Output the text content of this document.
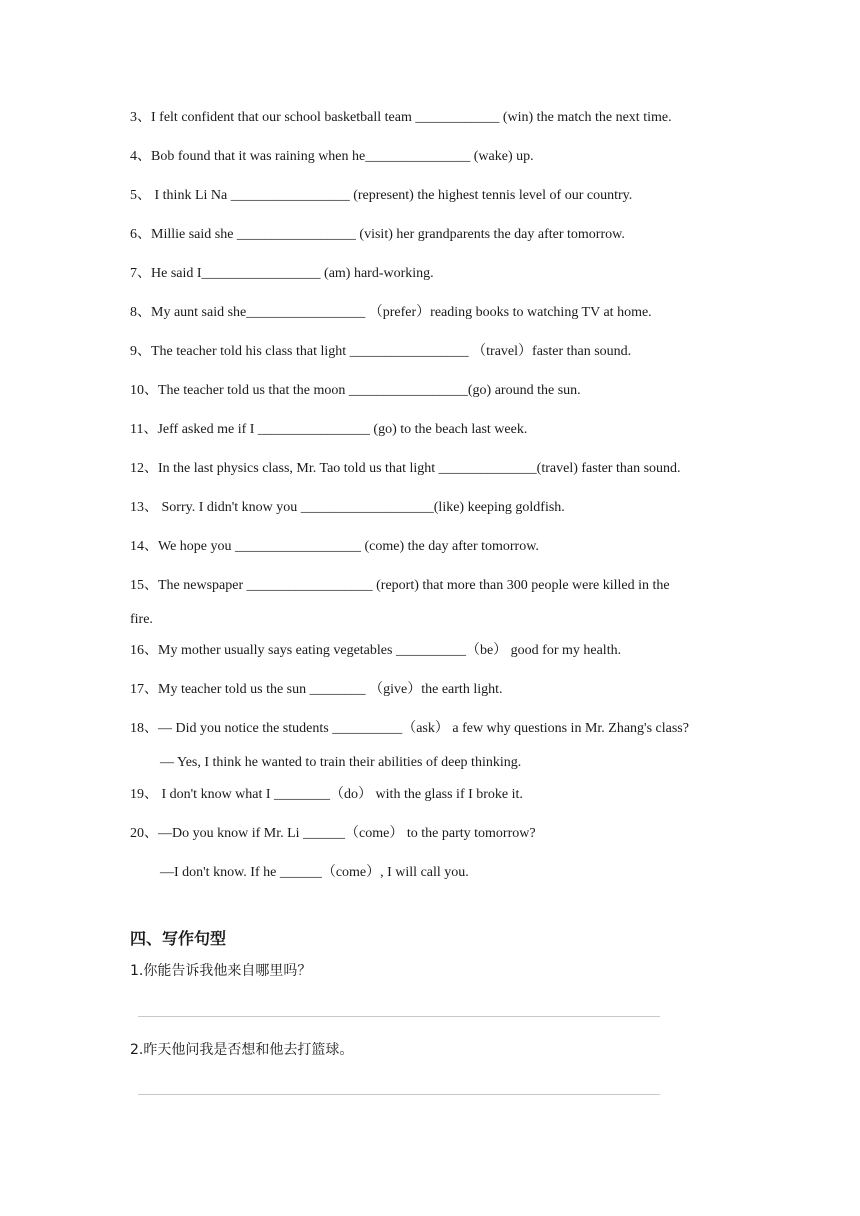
3、I felt confident that our school basketball team ____________ (win) the match the next time.
4、Bob found that it was raining when he_______________ (wake) up.
5、 I think Li Na _________________ (represent) the highest tennis level of our country.
6、Millie said she _________________ (visit) her grandparents the day after tomorrow.
7、He said I_________________ (am) hard-working.
8、My aunt said she_________________ （prefer）reading books to watching TV at home.
9、The teacher told his class that light _________________ （travel）faster than sound.
10、The teacher told us that the moon _________________(go) around the sun.
11、Jeff asked me if I ________________ (go) to the beach last week.
12、In the last physics class, Mr. Tao told us that light ______________(travel) faster than sound.
13、 Sorry. I didn't know you ___________________(like) keeping goldfish.
14、We hope you __________________ (come) the day after tomorrow.
15、The newspaper __________________ (report) that more than 300 people were killed in the
fire.
16、My mother usually says eating vegetables __________（be） good for my health.
17、My teacher told us the sun ________ （give）the earth light.
18、— Did you notice the students __________（ask） a few why questions in Mr. Zhang's class?
— Yes, I think he wanted to train their abilities of deep thinking.
19、 I don't know what I ________（do） with the glass if I broke it.
20、—Do you know if Mr. Li ______（come） to the party tomorrow?
—I don't know. If he ______（come）, I will call you.
四、写作句型
1.你能告诉我他来自哪里吗？
2.昨天他问我是否想和他去打篮球。
